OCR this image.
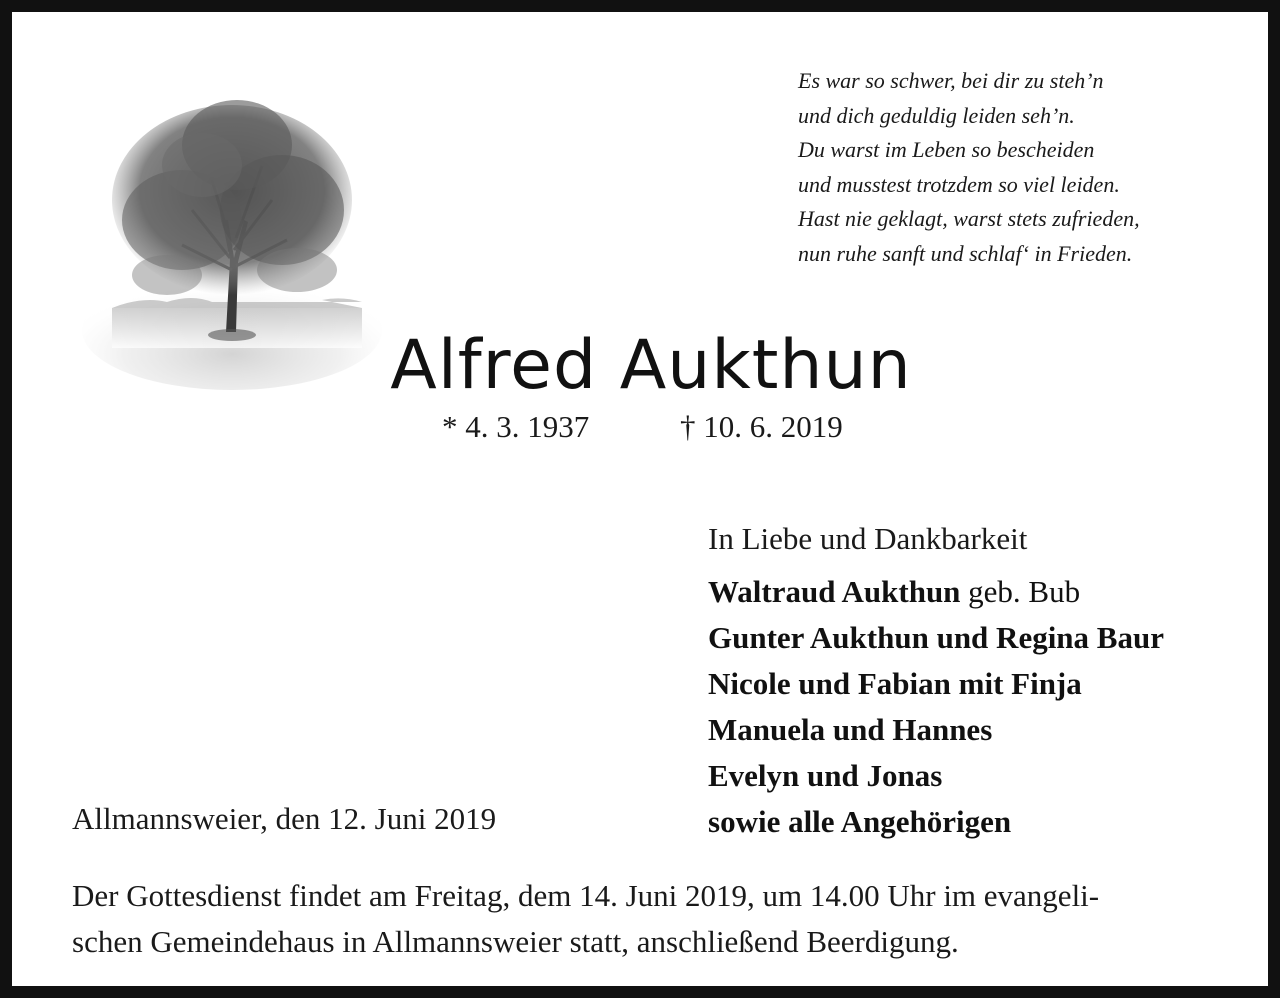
Es war so schwer, bei dir zu steh’n
und dich geduldig leiden seh’n.
Du warst im Leben so bescheiden
und musstest trotzdem so viel leiden.
Hast nie geklagt, warst stets zufrieden,
nun ruhe sanft und schlaf‘ in Frieden.
Alfred Aukthun
* 4. 3. 1937	† 10. 6. 2019
In Liebe und Dankbarkeit
Waltraud Aukthun geb. Bub
Gunter Aukthun und Regina Baur
Nicole und Fabian mit Finja
Manuela und Hannes
Evelyn und Jonas
sowie alle Angehörigen
Allmannsweier, den 12. Juni 2019
Der Gottesdienst findet am Freitag, dem 14. Juni 2019, um 14.00 Uhr im evangeli-
schen Gemeindehaus in Allmannsweier statt, anschließend Beerdigung.
